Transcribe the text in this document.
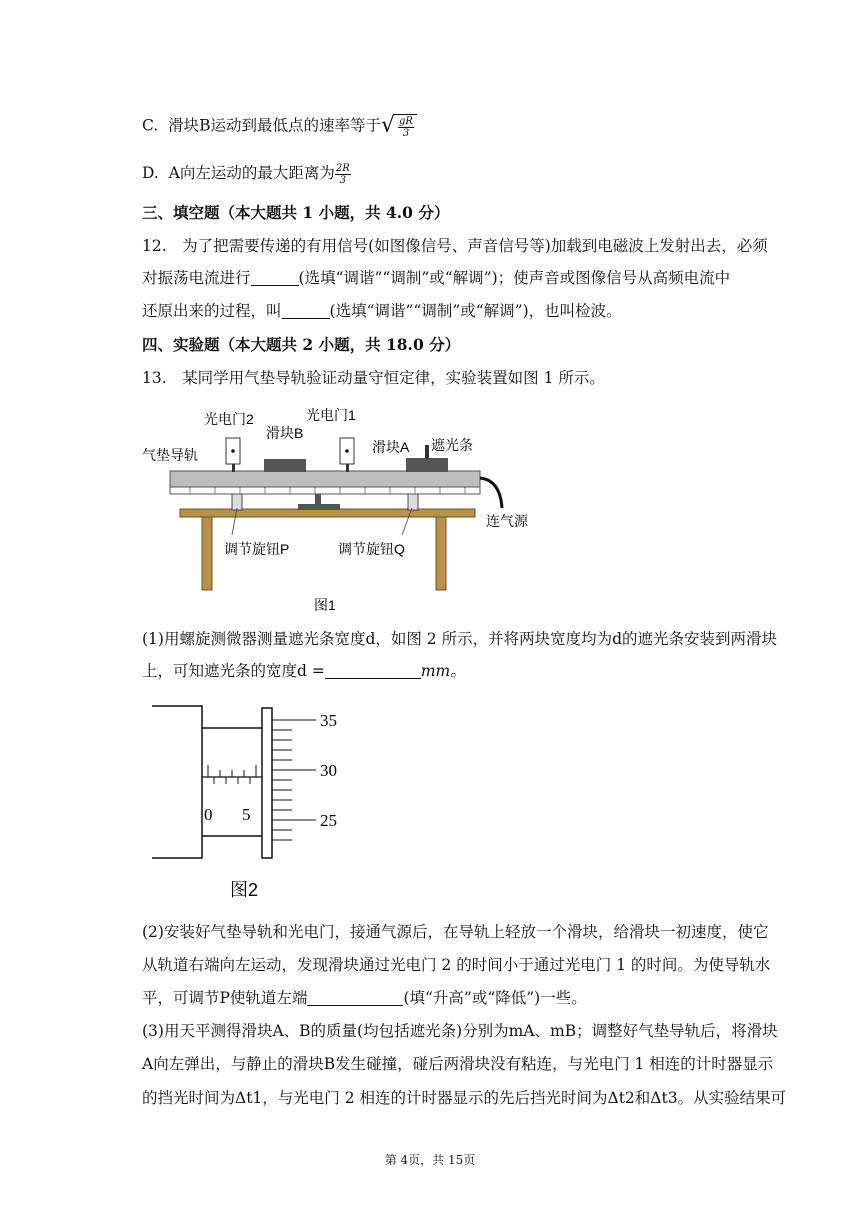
C. 滑块B运动到最低点的速率等于 √ $\frac{gR}{3}$
D. A向左运动的最大距离为 $\frac{2R}{3}$
三、填空题（本大题共 1 小题，共 4.0 分）
12.　为了把需要传递的有用信号(如图像信号、声音信号等)加载到电磁波上发射出去，必须
对振荡电流进行	(选填“调谐”“调制”或“解调”)；使声音或图像信号从高频电流中
还原出来的过程，叫	(选填“调谐”“调制”或“解调”)，也叫检波。
四、实验题（本大题共 2 小题，共 18.0 分）
13.　某同学用气垫导轨验证动量守恒定律，实验装置如图 1 所示。
光电门2	光电门1
滑块B
滑块A 遮光条
气垫导轨
连气源
调节旋钮P	调节旋钮Q
图1
(1)用螺旋测微器测量遮光条宽度d，如图 2 所示，并将两块宽度均为d的遮光条安装到两滑块
上，可知遮光条的宽度d =	mm。
35
30
25
0 5
图2
(2)安装好气垫导轨和光电门，接通气源后，在导轨上轻放一个滑块，给滑块一初速度，使它
从轨道右端向左运动，发现滑块通过光电门 2 的时间小于通过光电门 1 的时间。为使导轨水
平，可调节P使轨道左端	(填“升高”或“降低”)一些。
(3)用天平测得滑块A、B的质量(均包括遮光条)分别为mA、mB；调整好气垫导轨后，将滑块
A向左弹出，与静止的滑块B发生碰撞，碰后两滑块没有粘连，与光电门 1 相连的计时器显示
的挡光时间为Δt1，与光电门 2 相连的计时器显示的先后挡光时间为Δt2和Δt3。从实验结果可
第 4页，共 15页
